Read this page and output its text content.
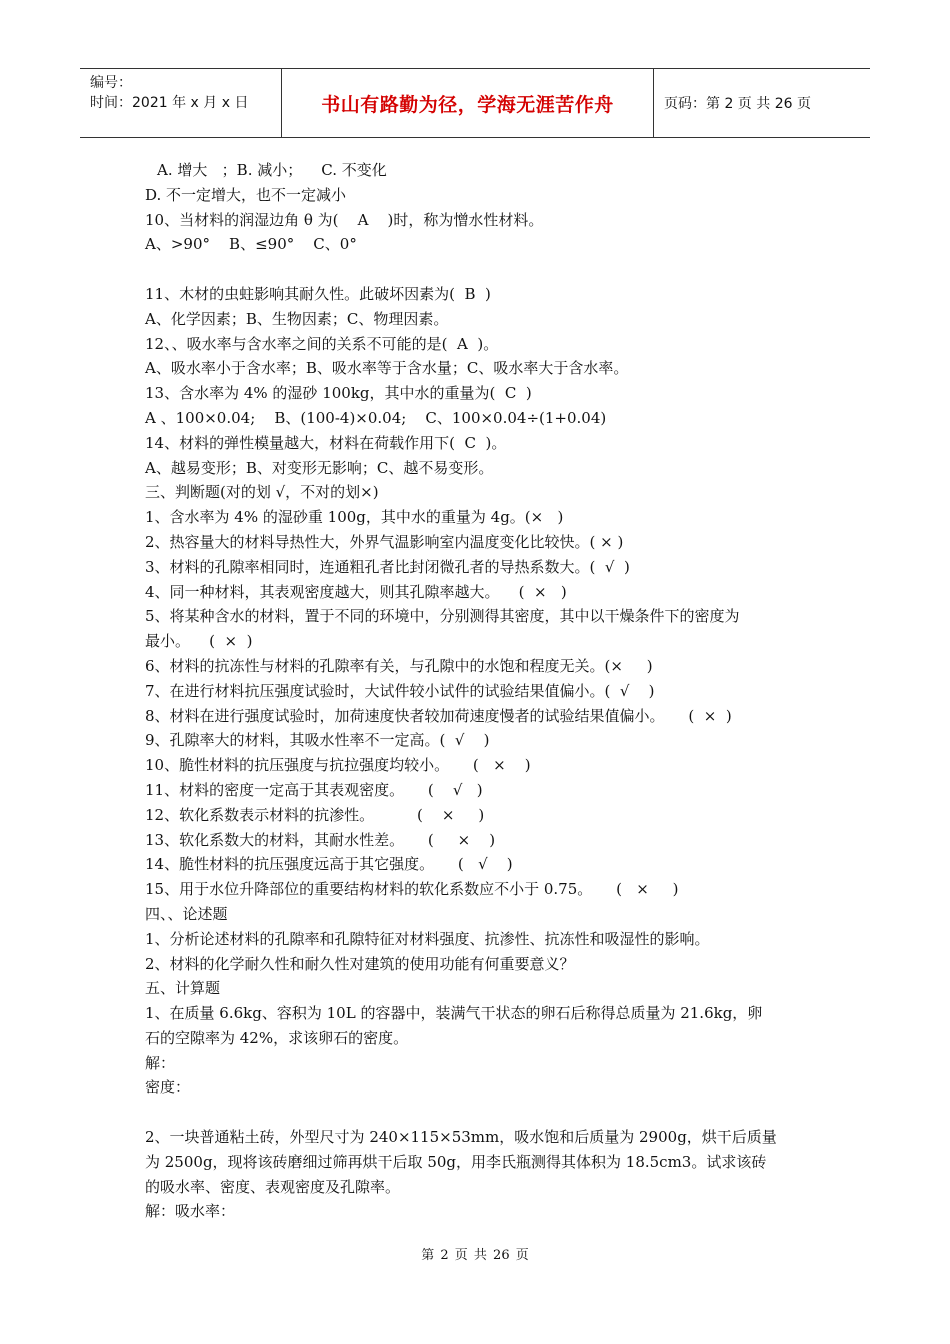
编号：
时间：2021 年 x 月 x 日	书山有路勤为径，学海无涯苦作舟	页码：第 2 页 共 26 页

A. 增大   ；B. 减小；    C. 不变化

D. 不一定增大，也不一定减小

10、当材料的润湿边角 θ 为(    A    )时，称为憎水性材料。

A、>90°    B、≤90°    C、0°

11、木材的虫蛀影响其耐久性。此破坏因素为(  B  )

A、化学因素；B、生物因素；C、物理因素。

12、、吸水率与含水率之间的关系不可能的是(  A  )。

A、吸水率小于含水率；B、吸水率等于含水量；C、吸水率大于含水率。

13、含水率为 4% 的湿砂 100kg，其中水的重量为(  C  )

A 、100×0.04;    B、(100-4)×0.04;    C、100×0.04÷(1+0.04)

14、材料的弹性模量越大，材料在荷载作用下(  C  )。

A、越易变形；B、对变形无影响；C、越不易变形。

三、判断题(对的划 √，不对的划×)

1、含水率为 4% 的湿砂重 100g，其中水的重量为 4g。(×   )

2、热容量大的材料导热性大，外界气温影响室内温度变化比较快。( × )

3、材料的孔隙率相同时，连通粗孔者比封闭微孔者的导热系数大。(  √  )

4、同一种材料，其表观密度越大，则其孔隙率越大。    (  ×   )

5、将某种含水的材料，置于不同的环境中，分别测得其密度，其中以干燥条件下的密度为

最小。    (  ×  )

6、材料的抗冻性与材料的孔隙率有关，与孔隙中的水饱和程度无关。(×     )

7、在进行材料抗压强度试验时，大试件较小试件的试验结果值偏小。(  √    )

8、材料在进行强度试验时，加荷速度快者较加荷速度慢者的试验结果值偏小。     (  ×  )

9、孔隙率大的材料，其吸水性率不一定高。(  √    )

10、脆性材料的抗压强度与抗拉强度均较小。     (   ×    )

11、材料的密度一定高于其表观密度。     (    √   )

12、软化系数表示材料的抗渗性。         (    ×     )

13、软化系数大的材料，其耐水性差。     (     ×    )

14、脆性材料的抗压强度远高于其它强度。     (   √    )

15、用于水位升降部位的重要结构材料的软化系数应不小于 0.75。     (   ×     )

四、、论述题

1、分析论述材料的孔隙率和孔隙特征对材料强度、抗渗性、抗冻性和吸湿性的影响。

2、材料的化学耐久性和耐久性对建筑的使用功能有何重要意义？

五、计算题

1、在质量 6.6kg、容积为 10L 的容器中，装满气干状态的卵石后称得总质量为 21.6kg，卵

石的空隙率为 42%，求该卵石的密度。

解：

密度：

2、一块普通粘土砖，外型尺寸为 240×115×53mm，吸水饱和后质量为 2900g，烘干后质量

为 2500g，现将该砖磨细过筛再烘干后取 50g，用李氏瓶测得其体积为 18.5cm3。试求该砖

的吸水率、密度、表观密度及孔隙率。

解：吸水率：

第 2 页 共 26 页
